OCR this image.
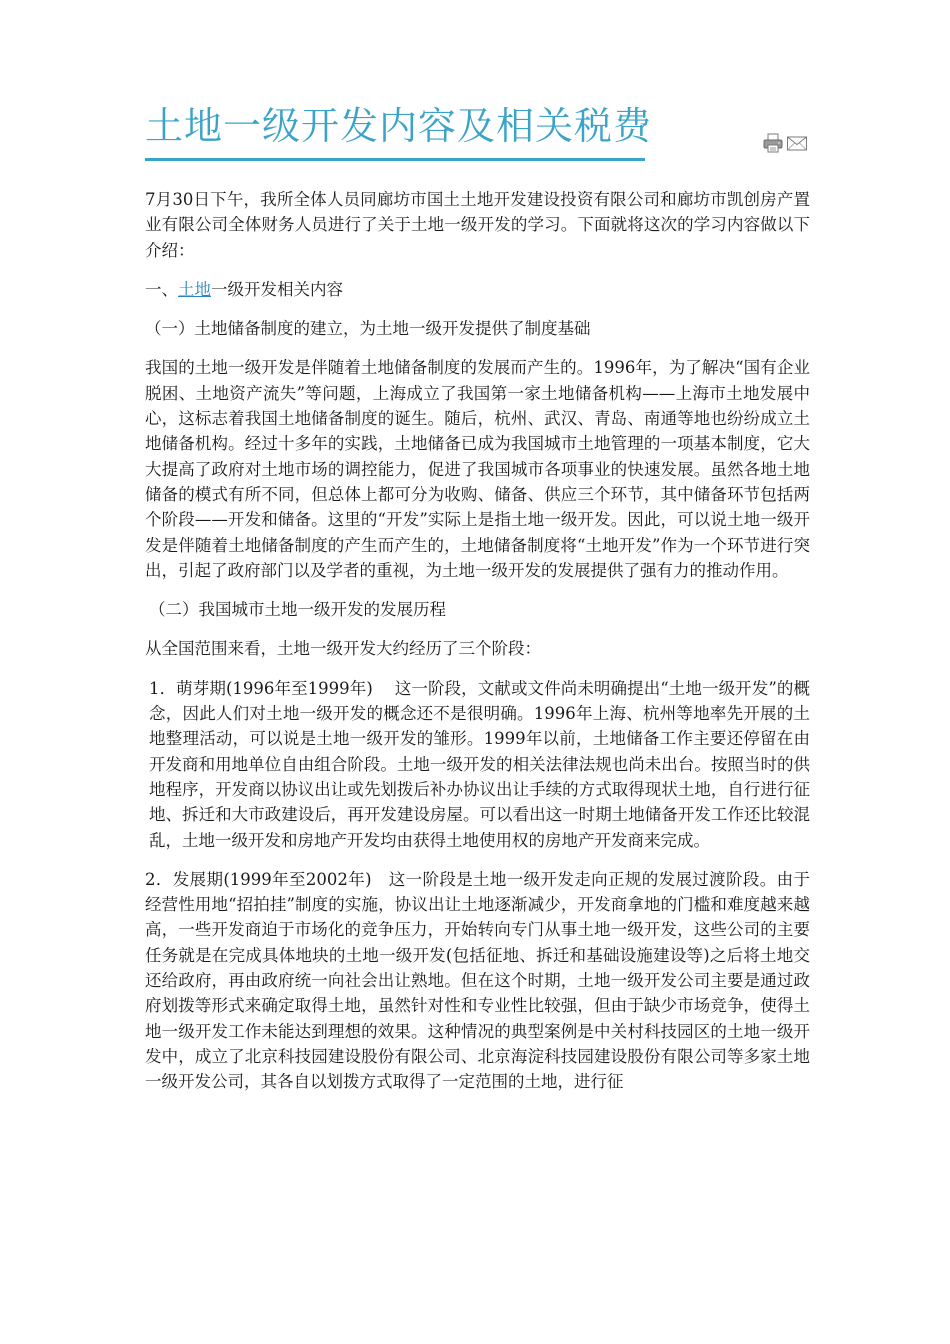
土地一级开发内容及相关税费

7月30日下午，我所全体人员同廊坊市国土土地开发建设投资有限公司和廊坊市凯创房产置业有限公司全体财务人员进行了关于土地一级开发的学习。下面就将这次的学习内容做以下介绍：

一、土地一级开发相关内容

（一）土地储备制度的建立，为土地一级开发提供了制度基础

我国的土地一级开发是伴随着土地储备制度的发展而产生的。1996年，为了解决“国有企业脱困、土地资产流失”等问题，上海成立了我国第一家土地储备机构——上海市土地发展中心，这标志着我国土地储备制度的诞生。随后，杭州、武汉、青岛、南通等地也纷纷成立土地储备机构。经过十多年的实践，土地储备已成为我国城市土地管理的一项基本制度，它大大提高了政府对土地市场的调控能力，促进了我国城市各项事业的快速发展。虽然各地土地储备的模式有所不同，但总体上都可分为收购、储备、供应三个环节，其中储备环节包括两个阶段——开发和储备。这里的“开发”实际上是指土地一级开发。因此，可以说土地一级开发是伴随着土地储备制度的产生而产生的，土地储备制度将“土地开发”作为一个环节进行突出，引起了政府部门以及学者的重视，为土地一级开发的发展提供了强有力的推动作用。

（二）我国城市土地一级开发的发展历程

从全国范围来看，土地一级开发大约经历了三个阶段：

1．萌芽期(1996年至1999年)　 这一阶段，文献或文件尚未明确提出“土地一级开发”的概念，因此人们对土地一级开发的概念还不是很明确。1996年上海、杭州等地率先开展的土地整理活动，可以说是土地一级开发的雏形。1999年以前，土地储备工作主要还停留在由开发商和用地单位自由组合阶段。土地一级开发的相关法律法规也尚未出台。按照当时的供地程序，开发商以协议出让或先划拨后补办协议出让手续的方式取得现状土地，自行进行征地、拆迁和大市政建设后，再开发建设房屋。可以看出这一时期土地储备开发工作还比较混乱，土地一级开发和房地产开发均由获得土地使用权的房地产开发商来完成。

2．发展期(1999年至2002年)　这一阶段是土地一级开发走向正规的发展过渡阶段。由于经营性用地“招拍挂”制度的实施，协议出让土地逐渐减少，开发商拿地的门槛和难度越来越高，一些开发商迫于市场化的竞争压力，开始转向专门从事土地一级开发，这些公司的主要任务就是在完成具体地块的土地一级开发(包括征地、拆迁和基础设施建设等)之后将土地交还给政府，再由政府统一向社会出让熟地。但在这个时期，土地一级开发公司主要是通过政府划拨等形式来确定取得土地，虽然针对性和专业性比较强，但由于缺少市场竞争，使得土地一级开发工作未能达到理想的效果。这种情况的典型案例是中关村科技园区的土地一级开发中，成立了北京科技园建设股份有限公司、北京海淀科技园建设股份有限公司等多家土地一级开发公司，其各自以划拨方式取得了一定范围的土地，进行征
